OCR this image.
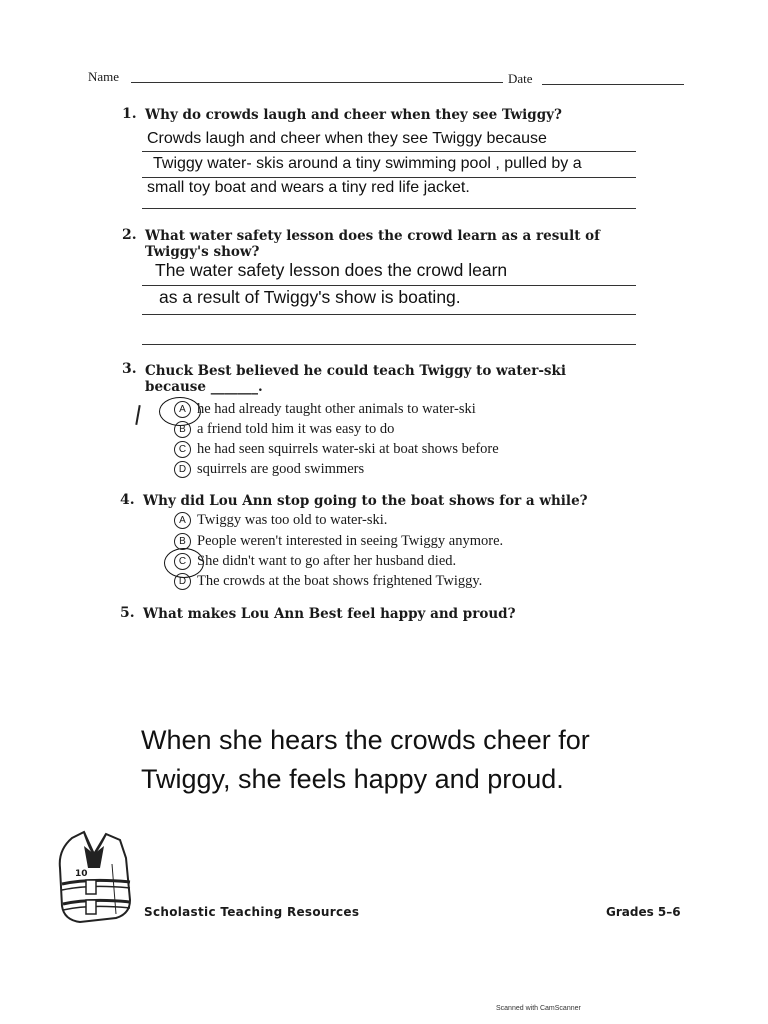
Name	Date
1. Why do crowds laugh and cheer when they see Twiggy?
Crowds laugh and cheer when they see Twiggy because
Twiggy water- skis around a tiny swimming pool , pulled by a
small toy boat and wears a tiny red life jacket.
2. What water safety lesson does the crowd learn as a result of
Twiggy's show?
The water safety lesson does the crowd learn
as a result of Twiggy's show is boating.
3. Chuck Best believed he could teach Twiggy to water-ski
because _______.
A he had already taught other animals to water-ski
B a friend told him it was easy to do
C he had seen squirrels water-ski at boat shows before
D squirrels are good swimmers
4. Why did Lou Ann stop going to the boat shows for a while?
A Twiggy was too old to water-ski.
B People weren't interested in seeing Twiggy anymore.
C She didn't want to go after her husband died.
D The crowds at the boat shows frightened Twiggy.
5. What makes Lou Ann Best feel happy and proud?
When she hears the crowds cheer for
Twiggy, she feels happy and proud.
10
Scholastic Teaching Resources	Grades 5–6
Scanned with CamScanner
